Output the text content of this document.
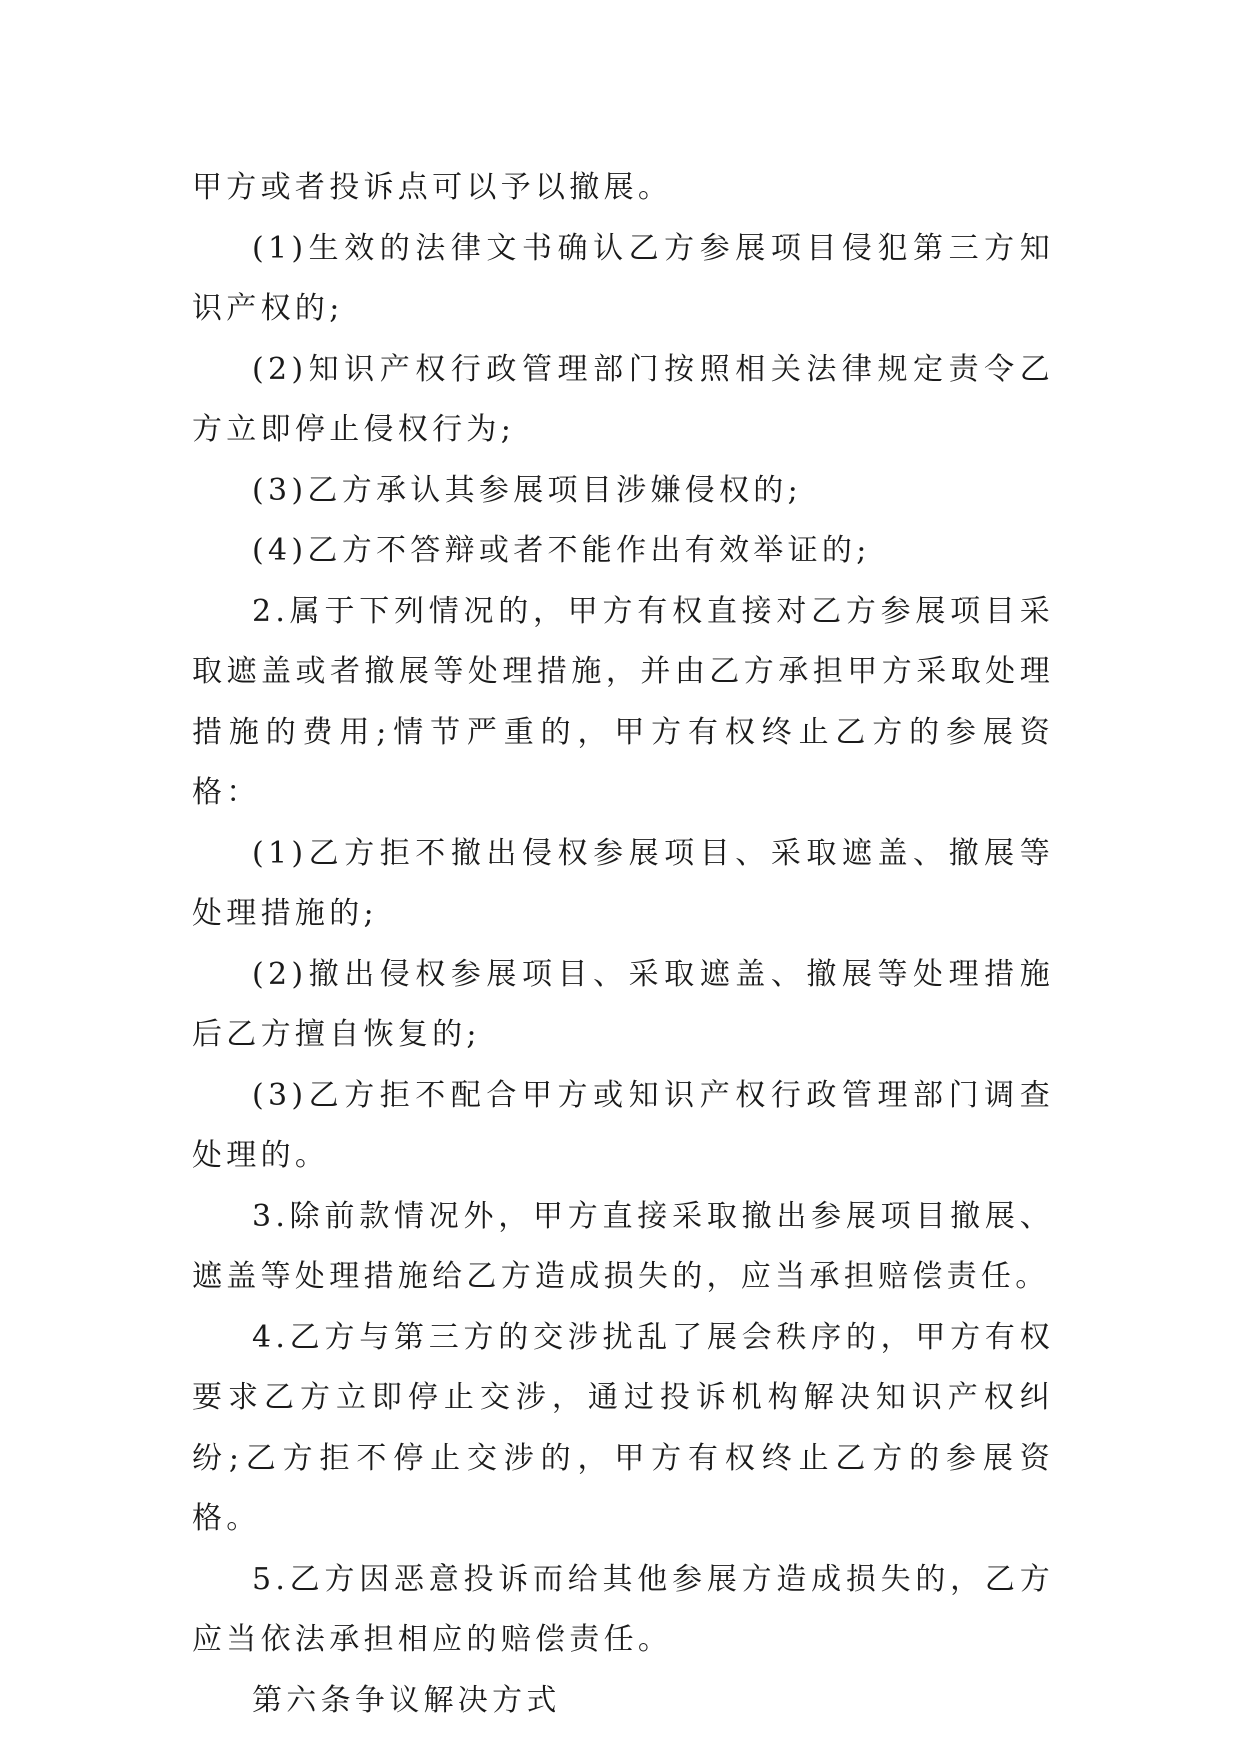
甲方或者投诉点可以予以撤展。

(1)生效的法律文书确认乙方参展项目侵犯第三方知识产权的;

(2)知识产权行政管理部门按照相关法律规定责令乙方立即停止侵权行为;

(3)乙方承认其参展项目涉嫌侵权的;

(4)乙方不答辩或者不能作出有效举证的;

2.属于下列情况的，甲方有权直接对乙方参展项目采取遮盖或者撤展等处理措施，并由乙方承担甲方采取处理措施的费用;情节严重的，甲方有权终止乙方的参展资格：

(1)乙方拒不撤出侵权参展项目、采取遮盖、撤展等处理措施的;

(2)撤出侵权参展项目、采取遮盖、撤展等处理措施后乙方擅自恢复的;

(3)乙方拒不配合甲方或知识产权行政管理部门调查处理的。

3.除前款情况外，甲方直接采取撤出参展项目撤展、遮盖等处理措施给乙方造成损失的，应当承担赔偿责任。

4.乙方与第三方的交涉扰乱了展会秩序的，甲方有权要求乙方立即停止交涉，通过投诉机构解决知识产权纠纷;乙方拒不停止交涉的，甲方有权终止乙方的参展资格。

5.乙方因恶意投诉而给其他参展方造成损失的，乙方应当依法承担相应的赔偿责任。

第六条争议解决方式
